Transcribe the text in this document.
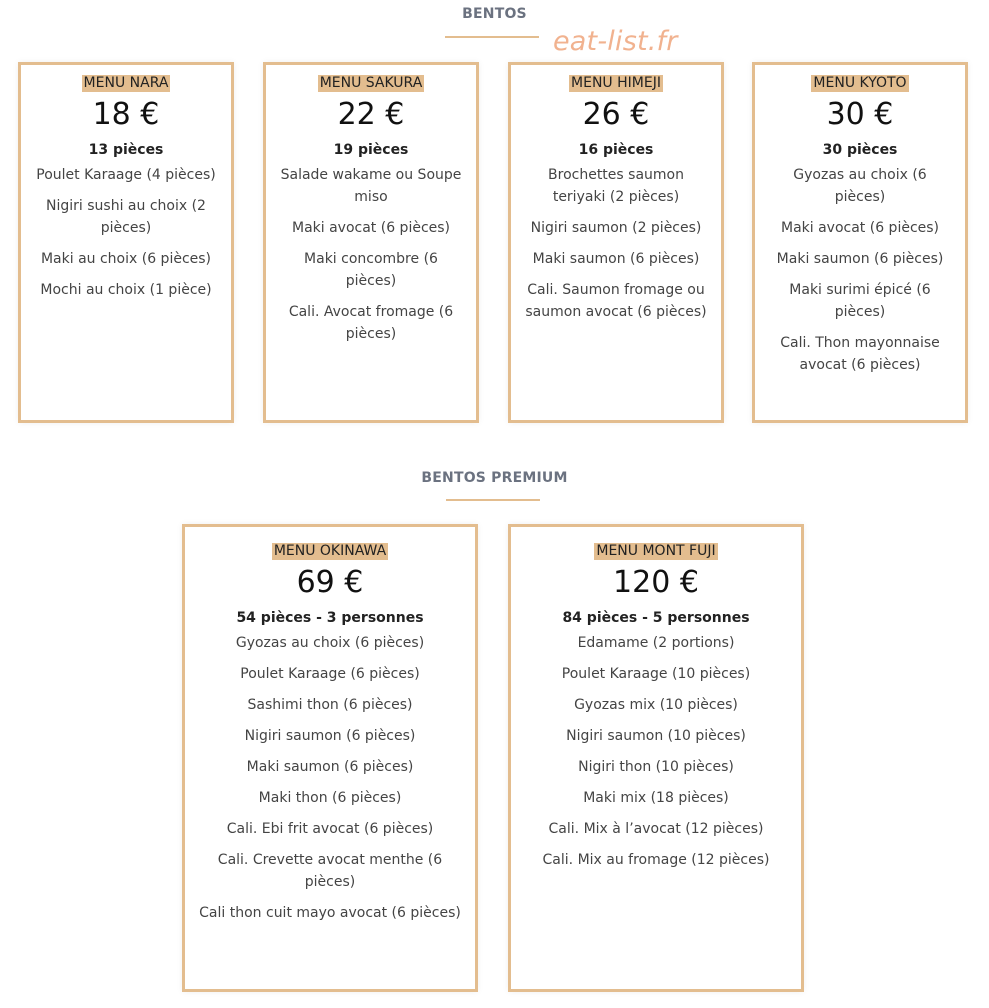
BENTOS
eat-list.fr
MENU NARA
18 €
13 pièces
Poulet Karaage (4 pièces)
Nigiri sushi au choix (2 pièces)
Maki au choix (6 pièces)
Mochi au choix (1 pièce)
MENU SAKURA
22 €
19 pièces
Salade wakame ou Soupe miso
Maki avocat (6 pièces)
Maki concombre (6 pièces)
Cali. Avocat fromage (6 pièces)
MENU HIMEJI
26 €
16 pièces
Brochettes saumon teriyaki (2 pièces)
Nigiri saumon (2 pièces)
Maki saumon (6 pièces)
Cali. Saumon fromage ou saumon avocat (6 pièces)
MENU KYOTO
30 €
30 pièces
Gyozas au choix (6 pièces)
Maki avocat (6 pièces)
Maki saumon (6 pièces)
Maki surimi épicé (6 pièces)
Cali. Thon mayonnaise avocat (6 pièces)
BENTOS PREMIUM
MENU OKINAWA
69 €
54 pièces - 3 personnes
Gyozas au choix (6 pièces)
Poulet Karaage (6 pièces)
Sashimi thon (6 pièces)
Nigiri saumon (6 pièces)
Maki saumon (6 pièces)
Maki thon (6 pièces)
Cali. Ebi frit avocat (6 pièces)
Cali. Crevette avocat menthe (6 pièces)
Cali thon cuit mayo avocat (6 pièces)
MENU MONT FUJI
120 €
84 pièces - 5 personnes
Edamame (2 portions)
Poulet Karaage (10 pièces)
Gyozas mix (10 pièces)
Nigiri saumon (10 pièces)
Nigiri thon (10 pièces)
Maki mix (18 pièces)
Cali. Mix à l’avocat (12 pièces)
Cali. Mix au fromage (12 pièces)
